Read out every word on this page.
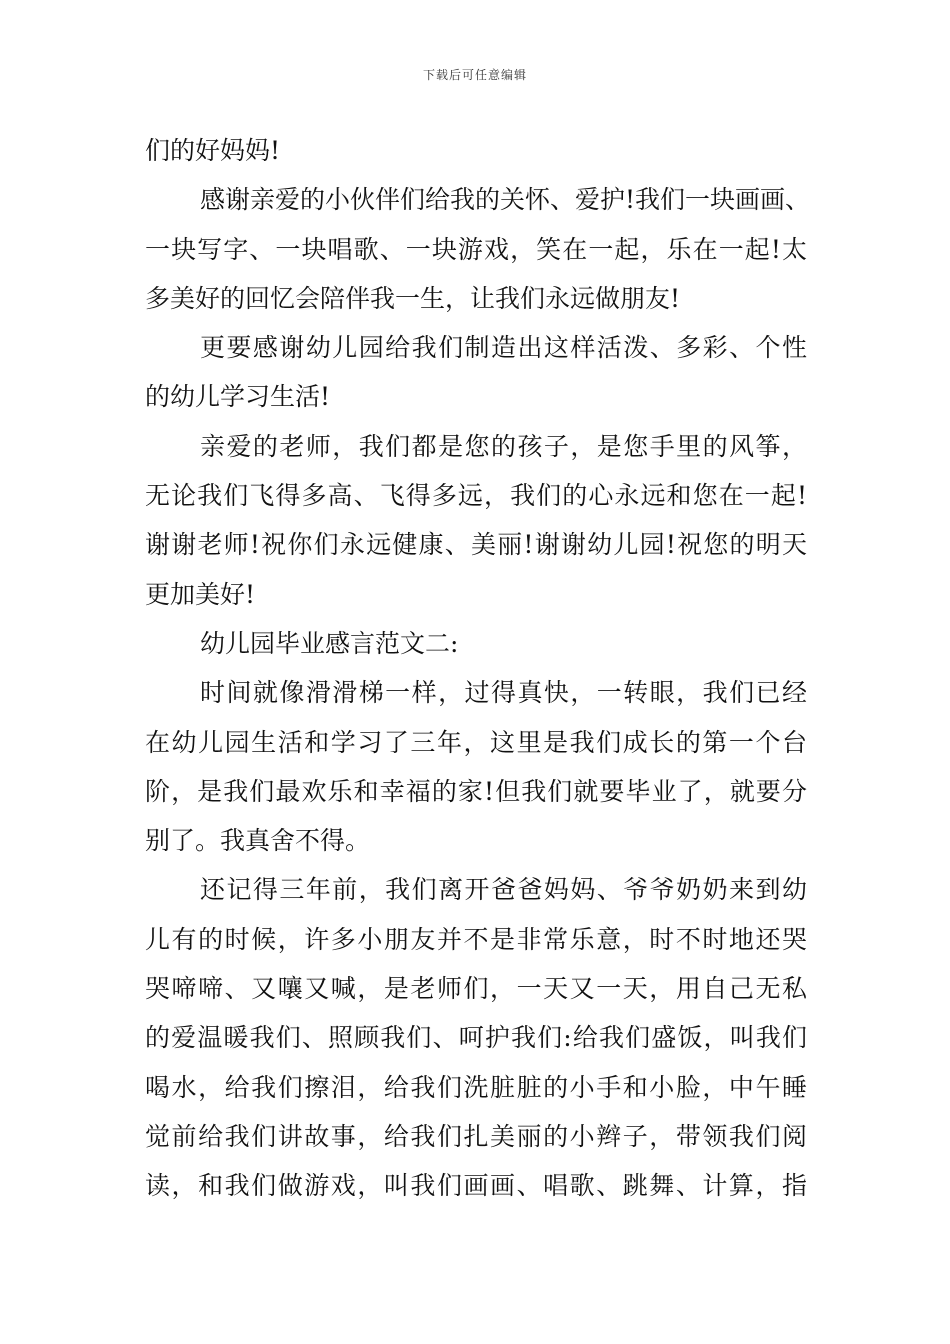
下载后可任意编辑
们的好妈妈!
感谢亲爱的小伙伴们给我的关怀、爱护!我们一块画画、
一块写字、一块唱歌、一块游戏，笑在一起，乐在一起!太
多美好的回忆会陪伴我一生，让我们永远做朋友!
更要感谢幼儿园给我们制造出这样活泼、多彩、个性
的幼儿学习生活!
亲爱的老师，我们都是您的孩子，是您手里的风筝，
无论我们飞得多高、飞得多远，我们的心永远和您在一起!
谢谢老师!祝你们永远健康、美丽!谢谢幼儿园!祝您的明天
更加美好!
幼儿园毕业感言范文二:
时间就像滑滑梯一样，过得真快，一转眼，我们已经
在幼儿园生活和学习了三年，这里是我们成长的第一个台
阶，是我们最欢乐和幸福的家!但我们就要毕业了，就要分
别了。我真舍不得。
还记得三年前，我们离开爸爸妈妈、爷爷奶奶来到幼
儿有的时候，许多小朋友并不是非常乐意，时不时地还哭
哭啼啼、又嚷又喊，是老师们，一天又一天，用自己无私
的爱温暖我们、照顾我们、呵护我们:给我们盛饭，叫我们
喝水，给我们擦泪，给我们洗脏脏的小手和小脸，中午睡
觉前给我们讲故事，给我们扎美丽的小辫子，带领我们阅
读，和我们做游戏，叫我们画画、唱歌、跳舞、计算，指
